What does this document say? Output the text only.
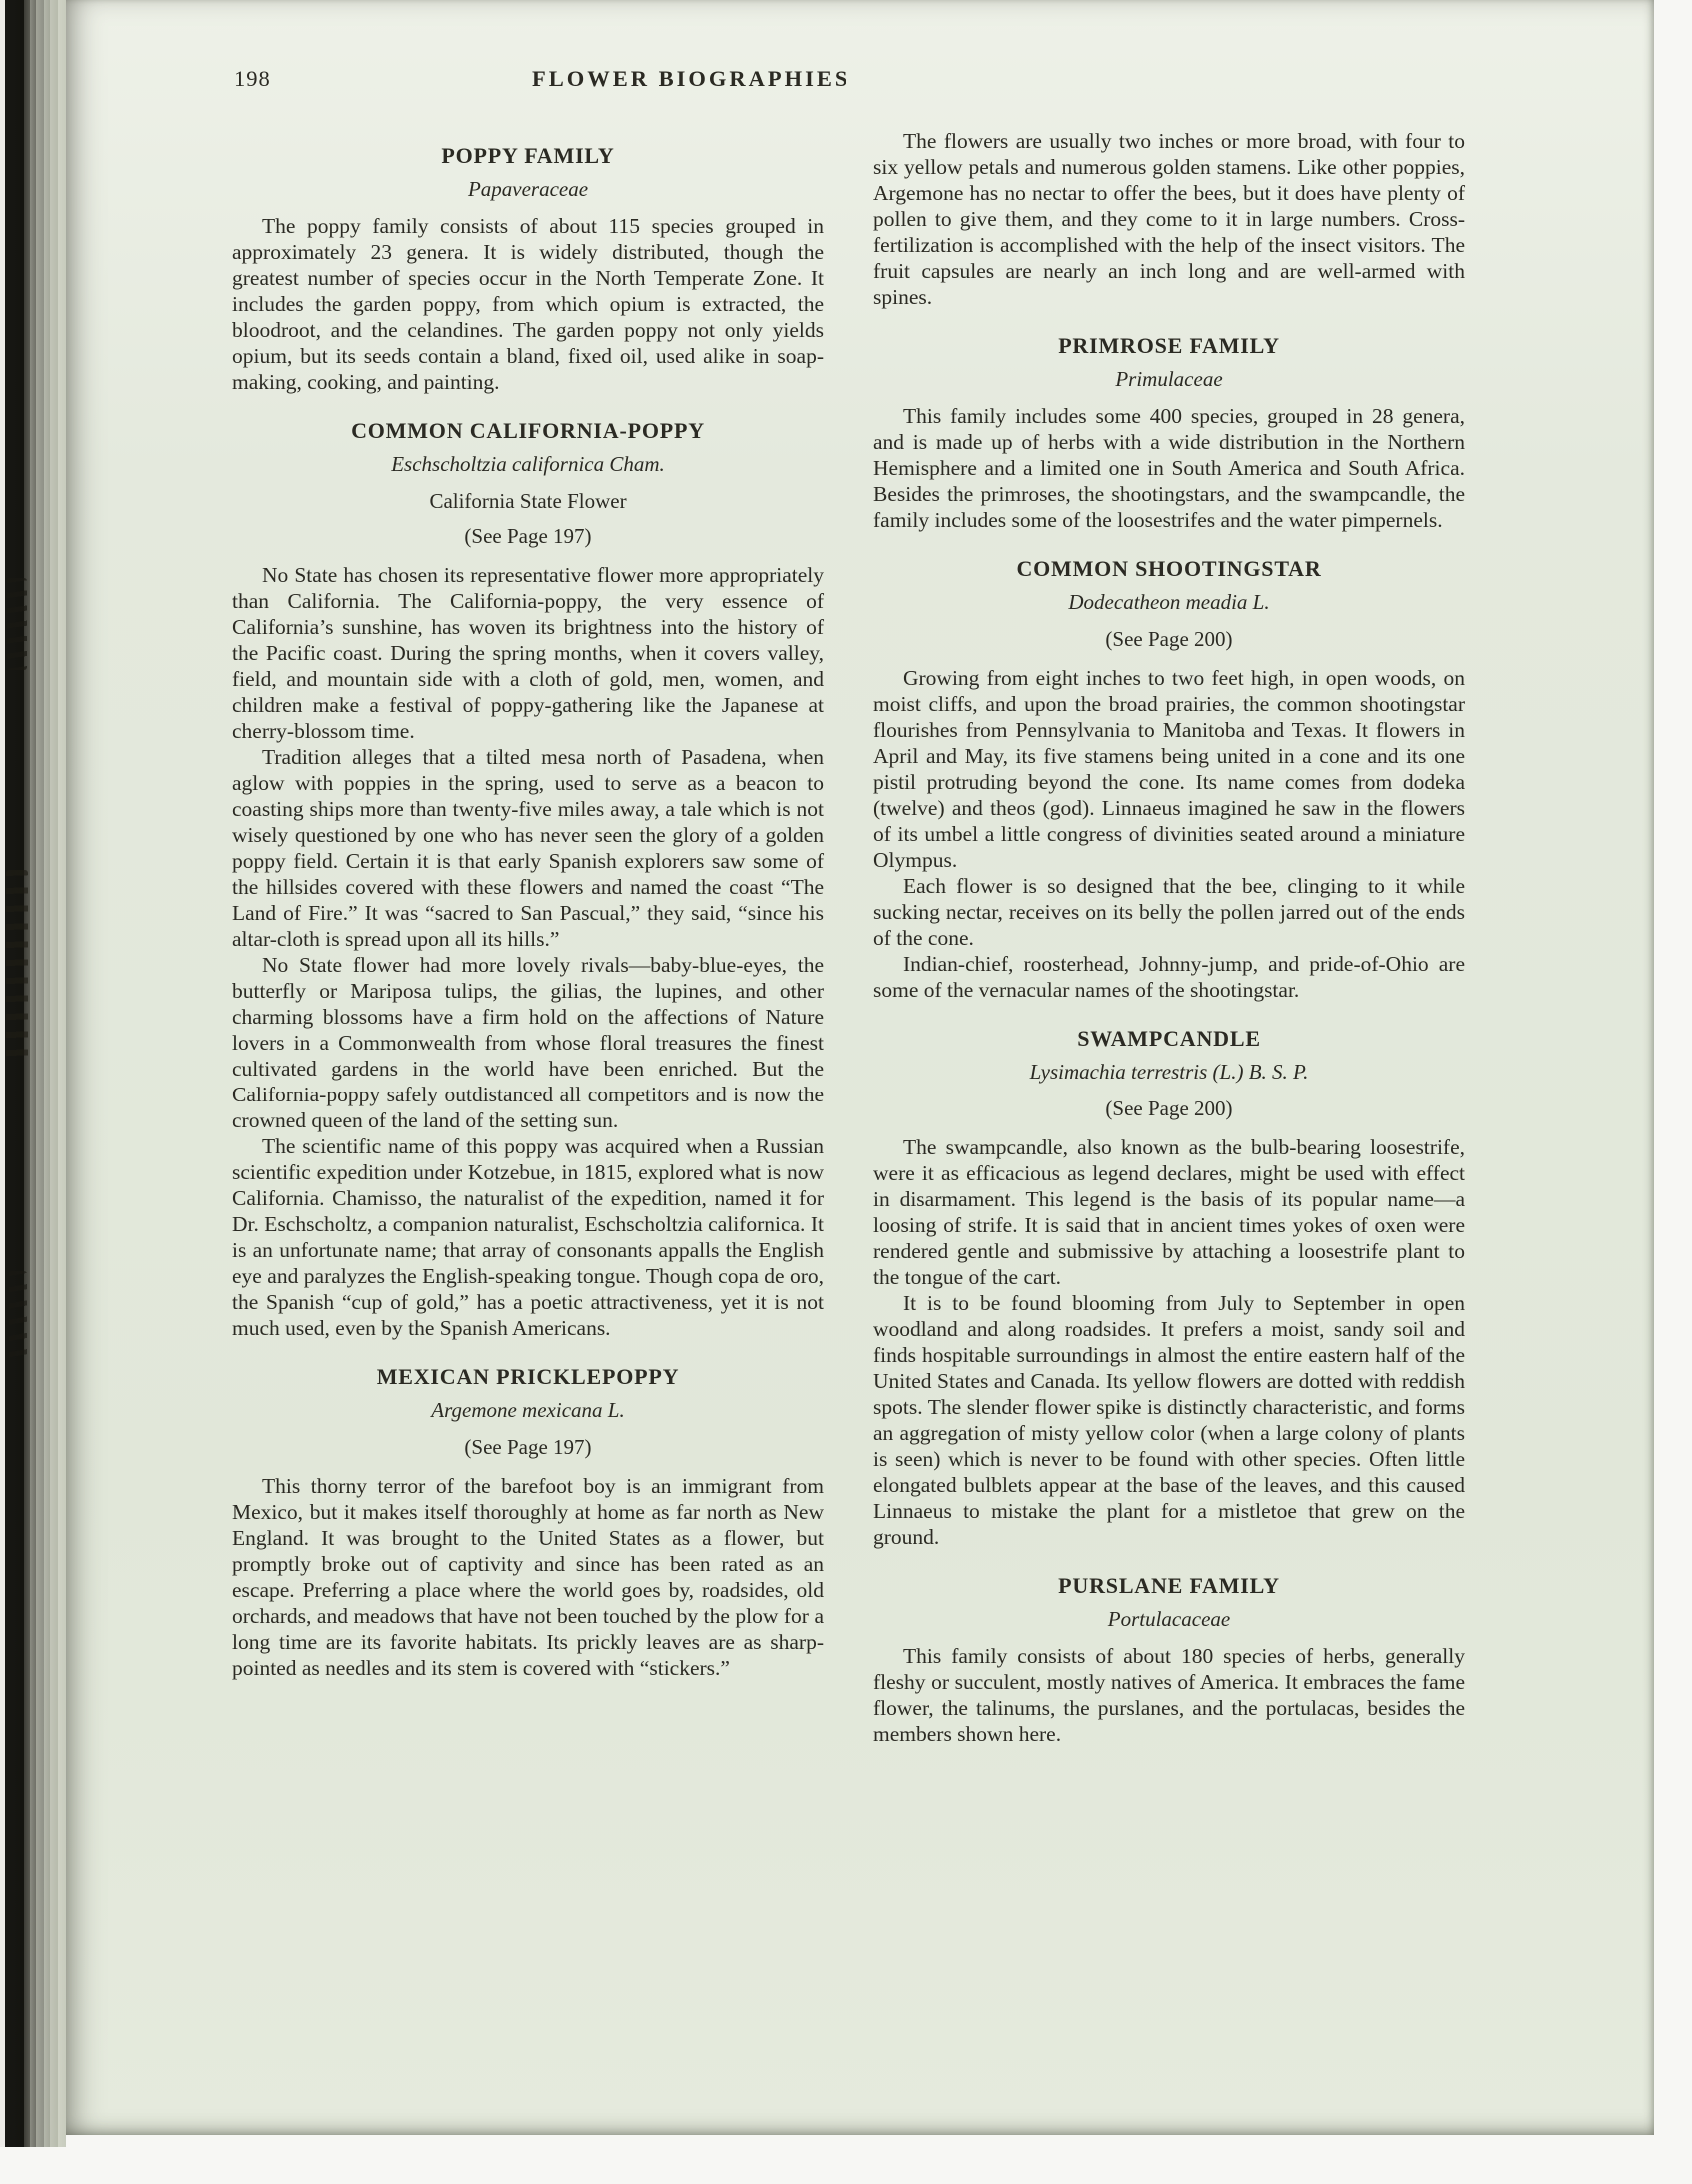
198	FLOWER BIOGRAPHIES
POPPY FAMILY
Papaveraceae

The poppy family consists of about 115 species grouped in approximately 23 genera. It is widely distributed, though the greatest number of species occur in the North Temperate Zone. It includes the garden poppy, from which opium is extracted, the bloodroot, and the celandines. The garden poppy not only yields opium, but its seeds contain a bland, fixed oil, used alike in soap-making, cooking, and painting.

COMMON CALIFORNIA-POPPY
Eschscholtzia californica Cham.
California State Flower
(See Page 197)

No State has chosen its representative flower more appropriately than California. The California-poppy, the very essence of California’s sunshine, has woven its brightness into the history of the Pacific coast. During the spring months, when it covers valley, field, and mountain side with a cloth of gold, men, women, and children make a festival of poppy-gathering like the Japanese at cherry-blossom time.

Tradition alleges that a tilted mesa north of Pasadena, when aglow with poppies in the spring, used to serve as a beacon to coasting ships more than twenty-five miles away, a tale which is not wisely questioned by one who has never seen the glory of a golden poppy field. Certain it is that early Spanish explorers saw some of the hillsides covered with these flowers and named the coast “The Land of Fire.” It was “sacred to San Pascual,” they said, “since his altar-cloth is spread upon all its hills.”

No State flower had more lovely rivals—baby-blue-eyes, the butterfly or Mariposa tulips, the gilias, the lupines, and other charming blossoms have a firm hold on the affections of Nature lovers in a Commonwealth from whose floral treasures the finest cultivated gardens in the world have been enriched. But the California-poppy safely outdistanced all competitors and is now the crowned queen of the land of the setting sun.

The scientific name of this poppy was acquired when a Russian scientific expedition under Kotzebue, in 1815, explored what is now California. Chamisso, the naturalist of the expedition, named it for Dr. Eschscholtz, a companion naturalist, Eschscholtzia californica. It is an unfortunate name; that array of consonants appalls the English eye and paralyzes the English-speaking tongue. Though copa de oro, the Spanish “cup of gold,” has a poetic attractiveness, yet it is not much used, even by the Spanish Americans.

MEXICAN PRICKLEPOPPY
Argemone mexicana L.
(See Page 197)

This thorny terror of the barefoot boy is an immigrant from Mexico, but it makes itself thoroughly at home as far north as New England. It was brought to the United States as a flower, but promptly broke out of captivity and since has been rated as an escape. Preferring a place where the world goes by, roadsides, old orchards, and meadows that have not been touched by the plow for a long time are its favorite habitats. Its prickly leaves are as sharp-pointed as needles and its stem is covered with “stickers.”

The flowers are usually two inches or more broad, with four to six yellow petals and numerous golden stamens. Like other poppies, Argemone has no nectar to offer the bees, but it does have plenty of pollen to give them, and they come to it in large numbers. Cross-fertilization is accomplished with the help of the insect visitors. The fruit capsules are nearly an inch long and are well-armed with spines.

PRIMROSE FAMILY
Primulaceae

This family includes some 400 species, grouped in 28 genera, and is made up of herbs with a wide distribution in the Northern Hemisphere and a limited one in South America and South Africa. Besides the primroses, the shootingstars, and the swampcandle, the family includes some of the loosestrifes and the water pimpernels.

COMMON SHOOTINGSTAR
Dodecatheon meadia L.
(See Page 200)

Growing from eight inches to two feet high, in open woods, on moist cliffs, and upon the broad prairies, the common shootingstar flourishes from Pennsylvania to Manitoba and Texas. It flowers in April and May, its five stamens being united in a cone and its one pistil protruding beyond the cone. Its name comes from dodeka (twelve) and theos (god). Linnaeus imagined he saw in the flowers of its umbel a little congress of divinities seated around a miniature Olympus.

Each flower is so designed that the bee, clinging to it while sucking nectar, receives on its belly the pollen jarred out of the ends of the cone.

Indian-chief, roosterhead, Johnny-jump, and pride-of-Ohio are some of the vernacular names of the shootingstar.

SWAMPCANDLE
Lysimachia terrestris (L.) B. S. P.
(See Page 200)

The swampcandle, also known as the bulb-bearing loosestrife, were it as efficacious as legend declares, might be used with effect in disarmament. This legend is the basis of its popular name—a loosing of strife. It is said that in ancient times yokes of oxen were rendered gentle and submissive by attaching a loosestrife plant to the tongue of the cart.

It is to be found blooming from July to September in open woodland and along roadsides. It prefers a moist, sandy soil and finds hospitable surroundings in almost the entire eastern half of the United States and Canada. Its yellow flowers are dotted with reddish spots. The slender flower spike is distinctly characteristic, and forms an aggregation of misty yellow color (when a large colony of plants is seen) which is never to be found with other species. Often little elongated bulblets appear at the base of the leaves, and this caused Linnaeus to mistake the plant for a mistletoe that grew on the ground.

PURSLANE FAMILY
Portulacaceae

This family consists of about 180 species of herbs, generally fleshy or succulent, mostly natives of America. It embraces the fame flower, the talinums, the purslanes, and the portulacas, besides the members shown here.
